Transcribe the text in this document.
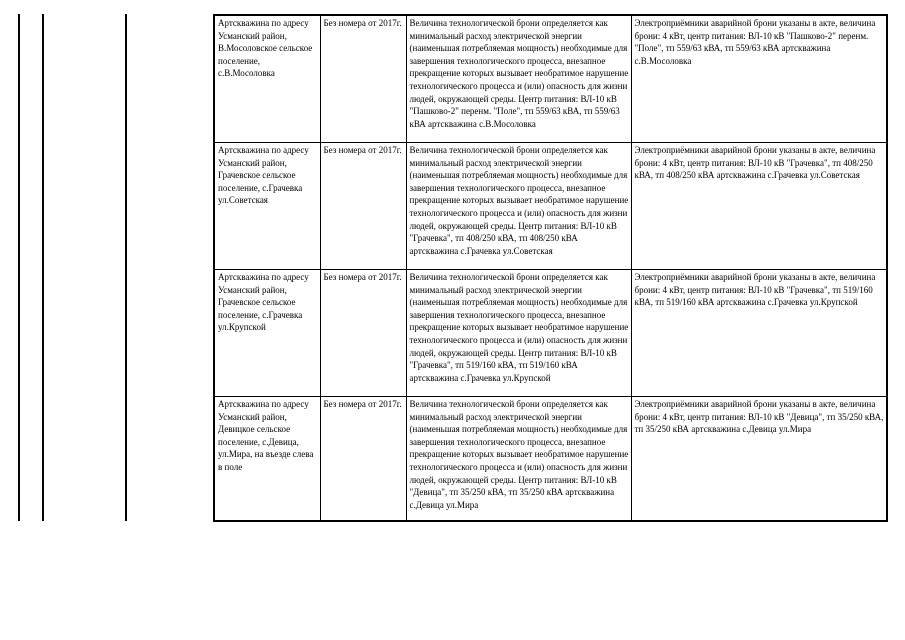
Артскважина по адресу Усманский район, В.Мосоловское сельское поселение, с.В.Мосоловка	Без номера от 2017г.	Величина технологической брони определяется как минимальный расход электрической энергии (наименьшая потребляемая мощность) необходимые для завершения технологического процесса, внезапное прекращение которых вызывает необратимое нарушение технологического процесса и (или) опасность для жизни людей, окружающей среды. Центр питания: ВЛ-10 кВ "Пашково-2" перенм. "Поле", тп 559/63 кВА, тп 559/63 кВА артскважина с.В.Мосоловка	Электроприёмники аварийной брони указаны в акте, величина брони: 4 кВт, центр питания: ВЛ-10 кВ "Пашково-2" перенм. "Поле", тп 559/63 кВА, тп 559/63 кВА артскважина с.В.Мосоловка
Артскважина по адресу Усманский район, Грачевское сельское поселение, с.Грачевка ул.Советская	Без номера от 2017г.	Величина технологической брони определяется как минимальный расход электрической энергии (наименьшая потребляемая мощность) необходимые для завершения технологического процесса, внезапное прекращение которых вызывает необратимое нарушение технологического процесса и (или) опасность для жизни людей, окружающей среды. Центр питания: ВЛ-10 кВ "Грачевка", тп 408/250 кВА, тп 408/250 кВА артскважина с.Грачевка ул.Советская	Электроприёмники аварийной брони указаны в акте, величина брони: 4 кВт, центр питания: ВЛ-10 кВ "Грачевка", тп 408/250 кВА, тп 408/250 кВА артскважина с.Грачевка ул.Советская
Артскважина по адресу Усманский район, Грачевское сельское поселение, с.Грачевка ул.Крупской	Без номера от 2017г.	Величина технологической брони определяется как минимальный расход электрической энергии (наименьшая потребляемая мощность) необходимые для завершения технологического процесса, внезапное прекращение которых вызывает необратимое нарушение технологического процесса и (или) опасность для жизни людей, окружающей среды. Центр питания: ВЛ-10 кВ "Грачевка", тп 519/160 кВА, тп 519/160 кВА артскважина с.Грачевка ул.Крупской	Электроприёмники аварийной брони указаны в акте, величина брони: 4 кВт, центр питания: ВЛ-10 кВ "Грачевка", тп 519/160 кВА, тп 519/160 кВА артскважина с.Грачевка ул.Крупской
Артскважина по адресу Усманский район, Девицкое сельское поселение, с.Девица, ул.Мира, на въезде слева в поле	Без номера от 2017г.	Величина технологической брони определяется как минимальный расход электрической энергии (наименьшая потребляемая мощность) необходимые для завершения технологического процесса, внезапное прекращение которых вызывает необратимое нарушение технологического процесса и (или) опасность для жизни людей, окружающей среды. Центр питания: ВЛ-10 кВ "Девица", тп 35/250 кВА, тп 35/250 кВА артскважина с.Девица ул.Мира	Электроприёмники аварийной брони указаны в акте, величина брони: 4 кВт, центр питания: ВЛ-10 кВ "Девица", тп 35/250 кВА, тп 35/250 кВА артскважина с.Девица ул.Мира
